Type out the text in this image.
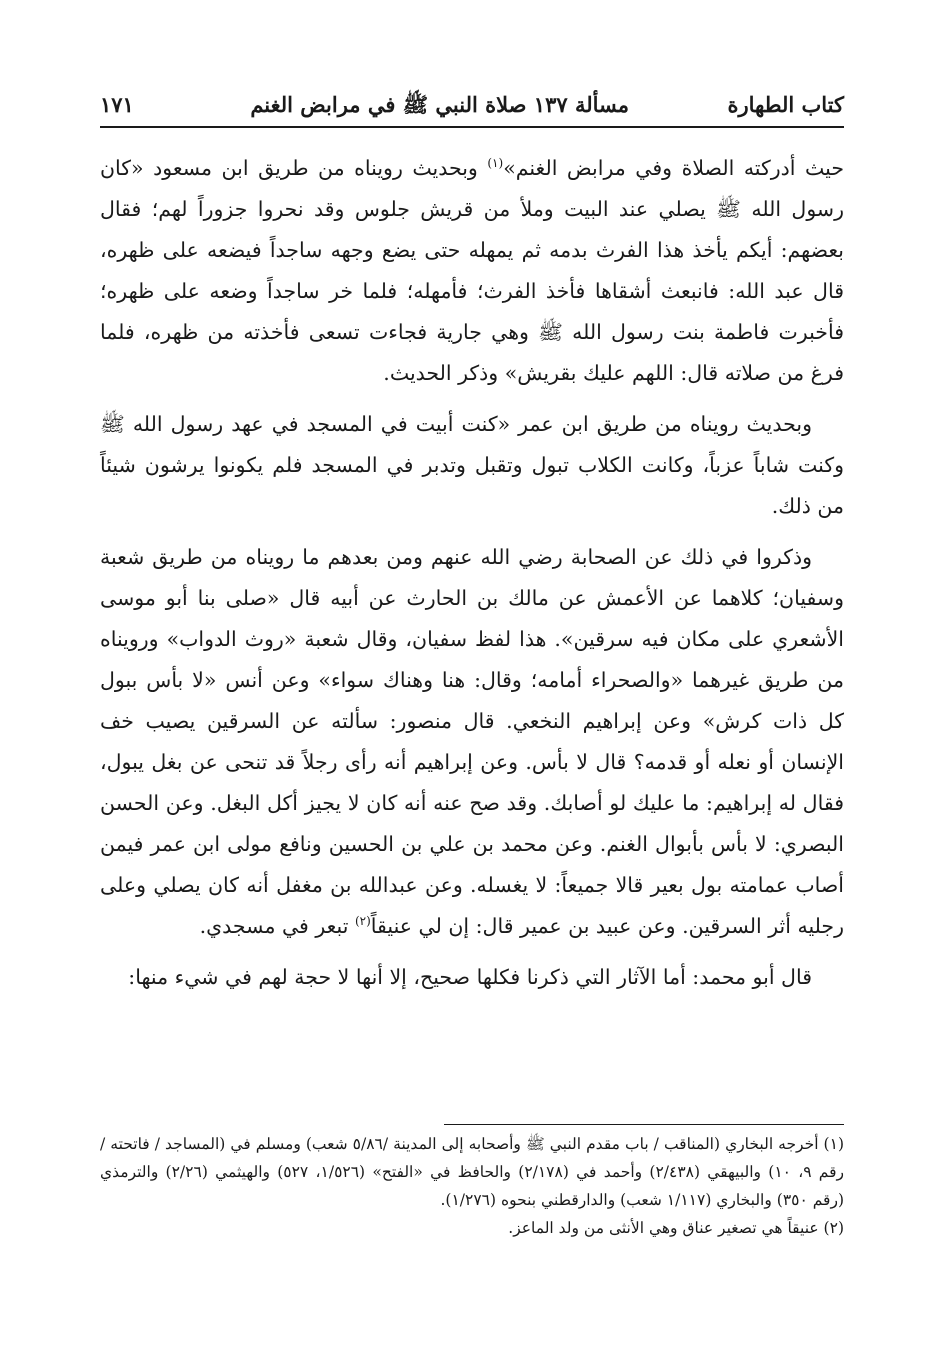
كتاب الطهارة
مسألة ١٣٧ صلاة النبي ﷺ في مرابض الغنم
١٧١

حيث أدركته الصلاة وفي مرابض الغنم»$^{(١)}$ وبحديث رويناه من طريق ابن مسعود «كان رسول الله ﷺ يصلي عند البيت وملأ من قريش جلوس وقد نحروا جزوراً لهم؛ فقال بعضهم: أيكم يأخذ هذا الفرث بدمه ثم يمهله حتى يضع وجهه ساجداً فيضعه على ظهره، قال عبد الله: فانبعث أشقاها فأخذ الفرث؛ فأمهله؛ فلما خر ساجداً وضعه على ظهره؛ فأخبرت فاطمة بنت رسول الله ﷺ وهي جارية فجاءت تسعى فأخذته من ظهره، فلما فرغ من صلاته قال: اللهم عليك بقريش» وذكر الحديث.

وبحديث رويناه من طريق ابن عمر «كنت أبيت في المسجد في عهد رسول الله ﷺ وكنت شاباً عزباً، وكانت الكلاب تبول وتقبل وتدبر في المسجد فلم يكونوا يرشون شيئاً من ذلك.

وذكروا في ذلك عن الصحابة رضي الله عنهم ومن بعدهم ما رويناه من طريق شعبة وسفيان؛ كلاهما عن الأعمش عن مالك بن الحارث عن أبيه قال «صلى بنا أبو موسى الأشعري على مكان فيه سرقين». هذا لفظ سفيان، وقال شعبة «روث الدواب» ورويناه من طريق غيرهما «والصحراء أمامه؛ وقال: هنا وهناك سواء» وعن أنس «لا بأس ببول كل ذات كرش» وعن إبراهيم النخعي. قال منصور: سألته عن السرقين يصيب خف الإنسان أو نعله أو قدمه؟ قال لا بأس. وعن إبراهيم أنه رأى رجلاً قد تنحى عن بغل يبول، فقال له إبراهيم: ما عليك لو أصابك. وقد صح عنه أنه كان لا يجيز أكل البغل. وعن الحسن البصري: لا بأس بأبوال الغنم. وعن محمد بن علي بن الحسين ونافع مولى ابن عمر فيمن أصاب عمامته بول بعير قالا جميعاً: لا يغسله. وعن عبدالله بن مغفل أنه كان يصلي وعلى رجليه أثر السرقين. وعن عبيد بن عمير قال: إن لي عنيقاً$^{(٢)}$ تبعر في مسجدي.

قال أبو محمد: أما الآثار التي ذكرنا فكلها صحيح، إلا أنها لا حجة لهم في شيء منها:

(١) أخرجه البخاري (المناقب / باب مقدم النبي ﷺ وأصحابه إلى المدينة /٥/٨٦ شعب) ومسلم في (المساجد / فاتحته / رقم ٩، ١٠) والبيهقي (٢/٤٣٨) وأحمد في (٢/١٧٨) والحافظ في «الفتح» (١/٥٢٦، ٥٢٧) والهيثمي (٢/٢٦) والترمذي (رقم ٣٥٠) والبخاري (١/١١٧ شعب) والدارقطني بنحوه (١/٢٧٦).

(٢) عنيقاً هي تصغير عناق وهي الأنثى من ولد الماعز.
